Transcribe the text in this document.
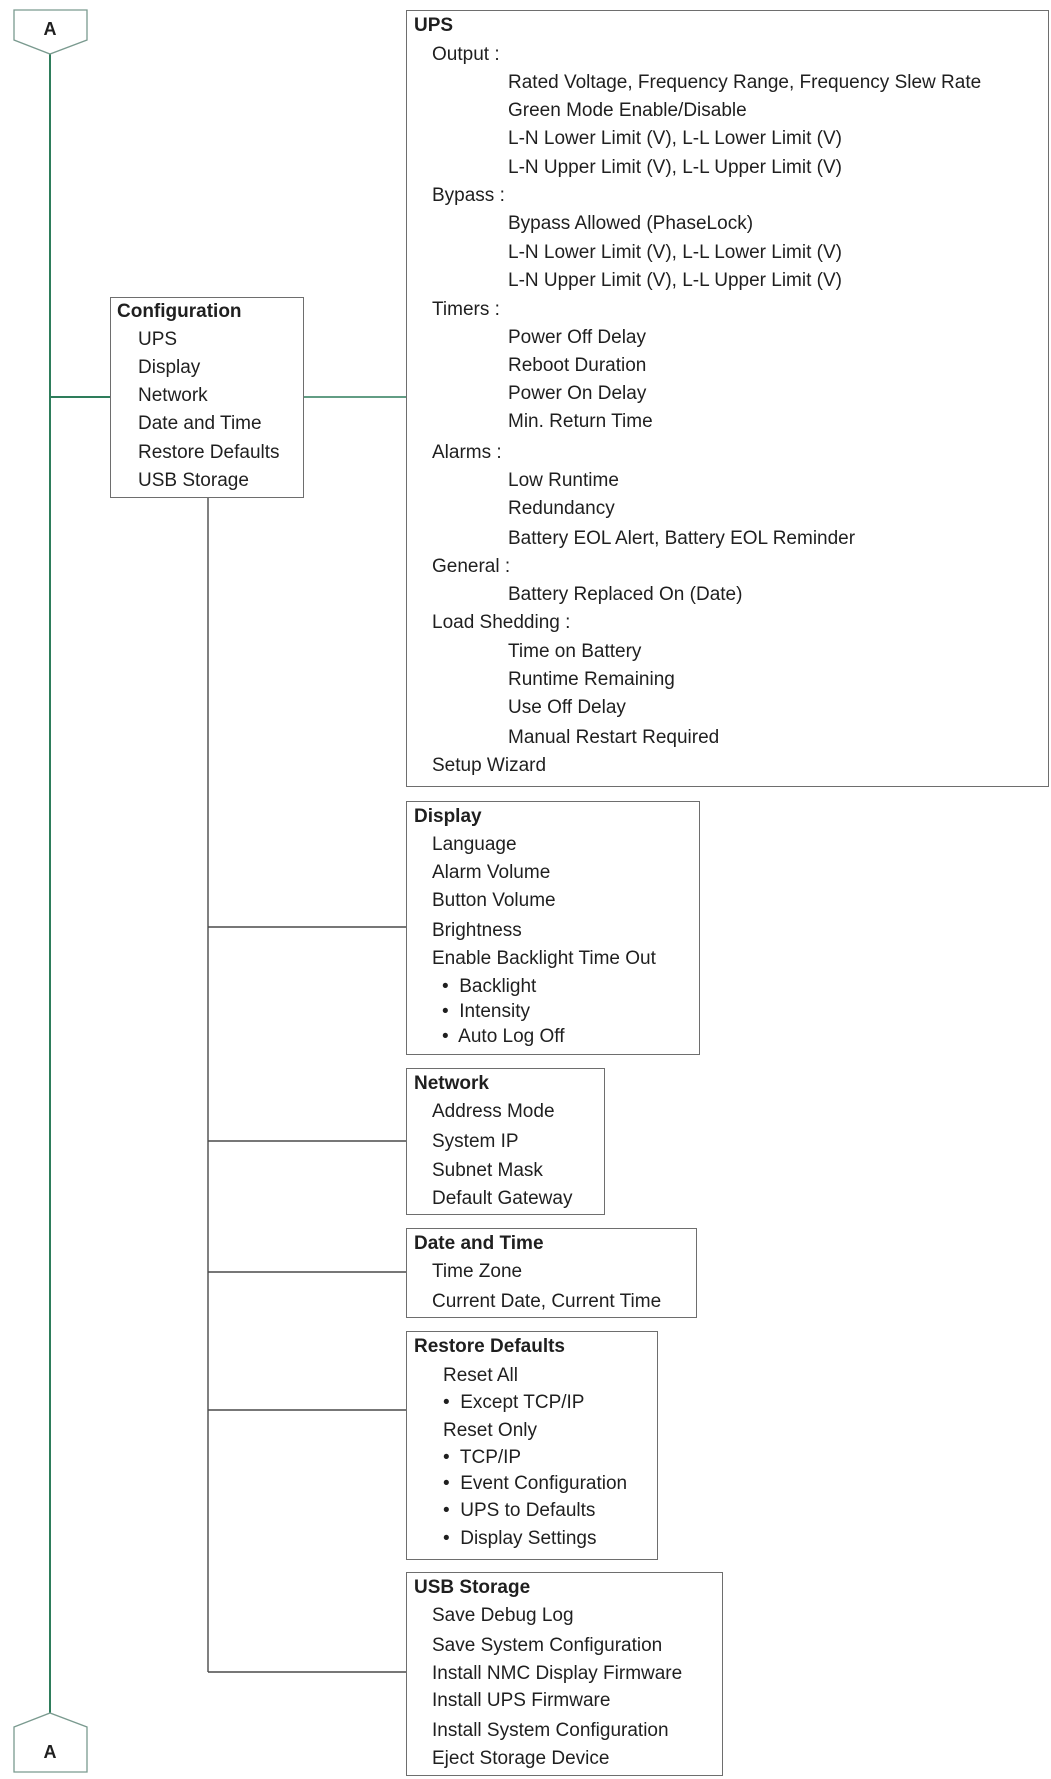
A
A
Configuration
UPS
Display
Network
Date and Time
Restore Defaults
USB Storage
UPS
Output :
Rated Voltage, Frequency Range, Frequency Slew Rate
Green Mode Enable/Disable
L-N Lower Limit (V), L-L Lower Limit (V)
L-N Upper Limit (V), L-L Upper Limit (V)
Bypass :
Bypass Allowed (PhaseLock)
L-N Lower Limit (V), L-L Lower Limit (V)
L-N Upper Limit (V), L-L Upper Limit (V)
Timers :
Power Off Delay
Reboot Duration
Power On Delay
Min. Return Time
Alarms :
Low Runtime
Redundancy
Battery EOL Alert, Battery EOL Reminder
General :
Battery Replaced On (Date)
Load Shedding :
Time on Battery
Runtime Remaining
Use Off Delay
Manual Restart Required
Setup Wizard
Display
Language
Alarm Volume
Button Volume
Brightness
Enable Backlight Time Out
•  Backlight
•  Intensity
•  Auto Log Off
Network
Address Mode
System IP
Subnet Mask
Default Gateway
Date and Time
Time Zone
Current Date, Current Time
Restore Defaults
Reset All
•  Except TCP/IP
Reset Only
•  TCP/IP
•  Event Configuration
•  UPS to Defaults
•  Display Settings
USB Storage
Save Debug Log
Save System Configuration
Install NMC Display Firmware
Install UPS Firmware
Install System Configuration
Eject Storage Device
